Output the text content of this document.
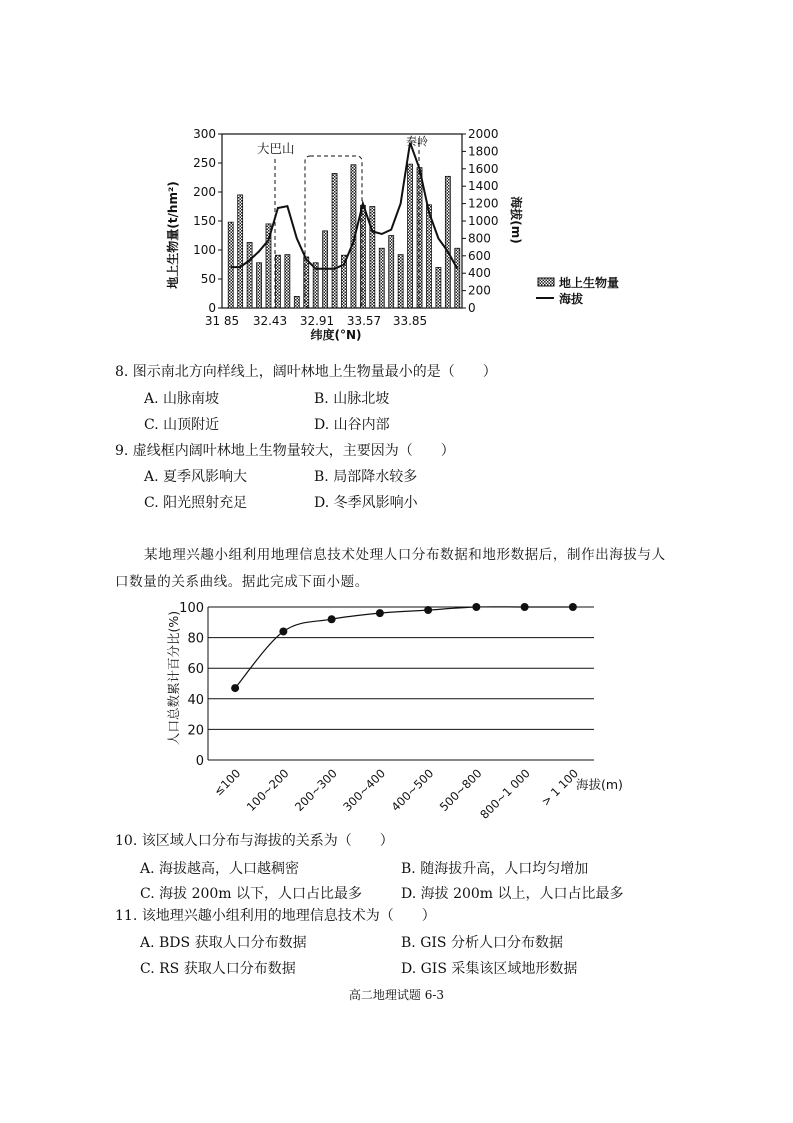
0
50
100
150
200
250
300
0
200
400
600
800
1000
1200
1400
1600
1800
2000
31 85 32.43 32.91 33.57 33.85
大巴山	秦岭
地上生物量(t/hm²)	海拔(m)
纬度(°N)
地上生物量
海拔
8. 图示南北方向样线上，阔叶林地上生物量最小的是（　　）
A. 山脉南坡	B. 山脉北坡
C. 山顶附近	D. 山谷内部
9. 虚线框内阔叶林地上生物量较大，主要因为（　　）
A. 夏季风影响大	B. 局部降水较多
C. 阳光照射充足	D. 冬季风影响小
某地理兴趣小组利用地理信息技术处理人口分布数据和地形数据后，制作出海拔与人
口数量的关系曲线。据此完成下面小题。
0
20
40
60
80
100
≤100 100~200 200~300 300~400 400~500 500~800
800~1 000 > 1 100
人口总数累计百分比(%)
海拔(m)
10. 该区域人口分布与海拔的关系为（　　）
A. 海拔越高，人口越稠密	B. 随海拔升高，人口均匀增加
C. 海拔 200m 以下，人口占比最多	D. 海拔 200m 以上，人口占比最多
11. 该地理兴趣小组利用的地理信息技术为（　　）
A. BDS 获取人口分布数据	B. GIS 分析人口分布数据
C. RS 获取人口分布数据	D. GIS 采集该区域地形数据
高二地理试题 6-3
